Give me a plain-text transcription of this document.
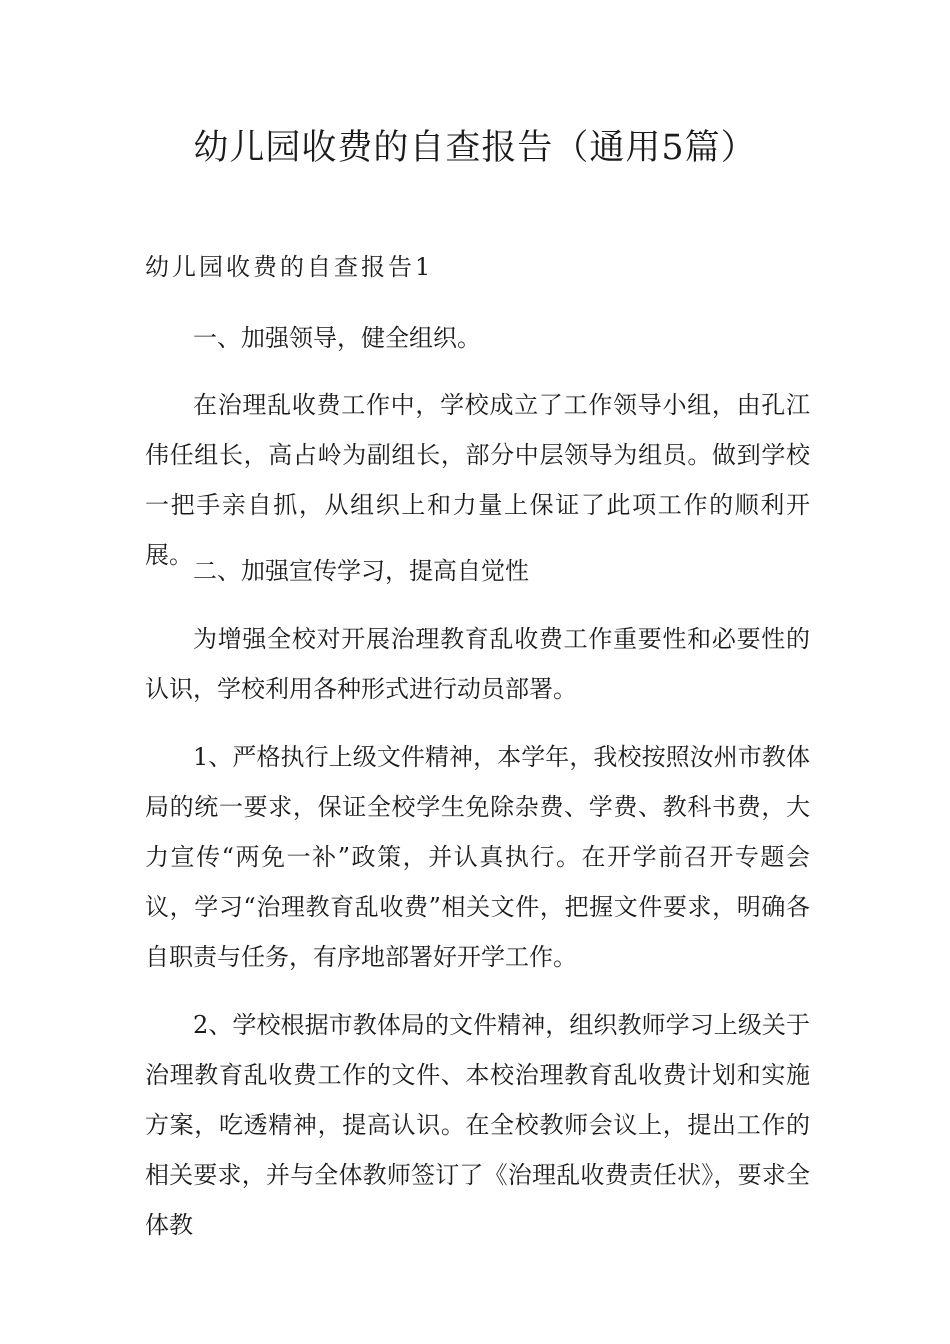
幼儿园收费的自查报告（通用5篇）
幼儿园收费的自查报告1

一、加强领导，健全组织。

在治理乱收费工作中，学校成立了工作领导小组，由孔江伟任组长，高占岭为副组长，部分中层领导为组员。做到学校一把手亲自抓，从组织上和力量上保证了此项工作的顺利开展。

二、加强宣传学习，提高自觉性

为增强全校对开展治理教育乱收费工作重要性和必要性的认识，学校利用各种形式进行动员部署。

1、严格执行上级文件精神，本学年，我校按照汝州市教体局的统一要求，保证全校学生免除杂费、学费、教科书费，大力宣传“两免一补”政策，并认真执行。在开学前召开专题会议，学习“治理教育乱收费”相关文件，把握文件要求，明确各自职责与任务，有序地部署好开学工作。

2、学校根据市教体局的文件精神，组织教师学习上级关于治理教育乱收费工作的文件、本校治理教育乱收费计划和实施方案，吃透精神，提高认识。在全校教师会议上，提出工作的相关要求，并与全体教师签订了《治理乱收费责任状》，要求全体教
